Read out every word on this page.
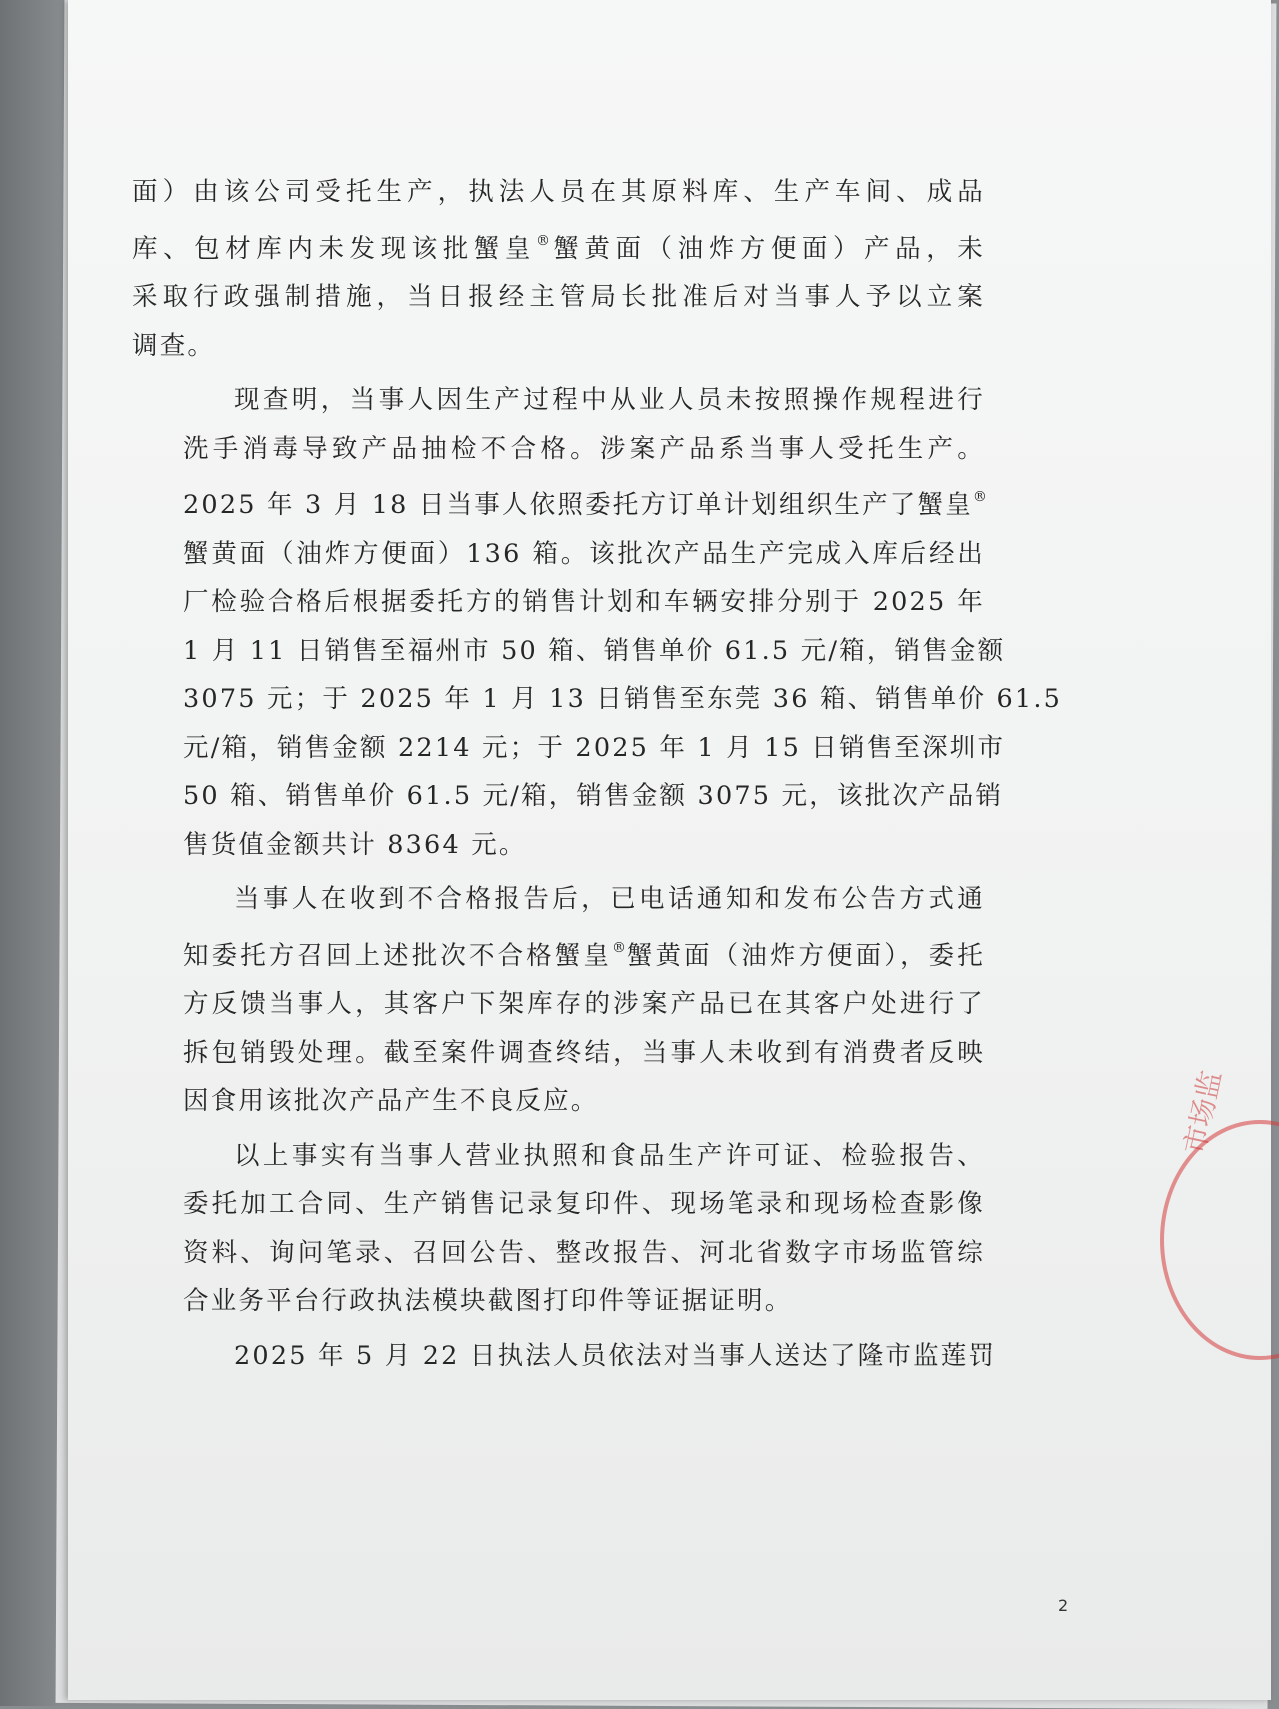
面）由该公司受托生产，执法人员在其原料库、生产车间、成品
库、包材库内未发现该批蟹皇®蟹黄面（油炸方便面）产品，未
采取行政强制措施，当日报经主管局长批准后对当事人予以立案
调查。

现查明，当事人因生产过程中从业人员未按照操作规程进行
洗手消毒导致产品抽检不合格。涉案产品系当事人受托生产。
2025 年 3 月 18 日当事人依照委托方订单计划组织生产了蟹皇®
蟹黄面（油炸方便面）136 箱。该批次产品生产完成入库后经出
厂检验合格后根据委托方的销售计划和车辆安排分别于 2025 年
1 月 11 日销售至福州市 50 箱、销售单价 61.5 元/箱，销售金额
3075 元；于 2025 年 1 月 13 日销售至东莞 36 箱、销售单价 61.5
元/箱，销售金额 2214 元；于 2025 年 1 月 15 日销售至深圳市
50 箱、销售单价 61.5 元/箱，销售金额 3075 元，该批次产品销
售货值金额共计 8364 元。

当事人在收到不合格报告后，已电话通知和发布公告方式通
知委托方召回上述批次不合格蟹皇®蟹黄面（油炸方便面），委托
方反馈当事人，其客户下架库存的涉案产品已在其客户处进行了
拆包销毁处理。截至案件调查终结，当事人未收到有消费者反映
因食用该批次产品产生不良反应。

以上事实有当事人营业执照和食品生产许可证、检验报告、
委托加工合同、生产销售记录复印件、现场笔录和现场检查影像
资料、询问笔录、召回公告、整改报告、河北省数字市场监管综
合业务平台行政执法模块截图打印件等证据证明。

2025 年 5 月 22 日执法人员依法对当事人送达了隆市监莲罚

2
市场监
